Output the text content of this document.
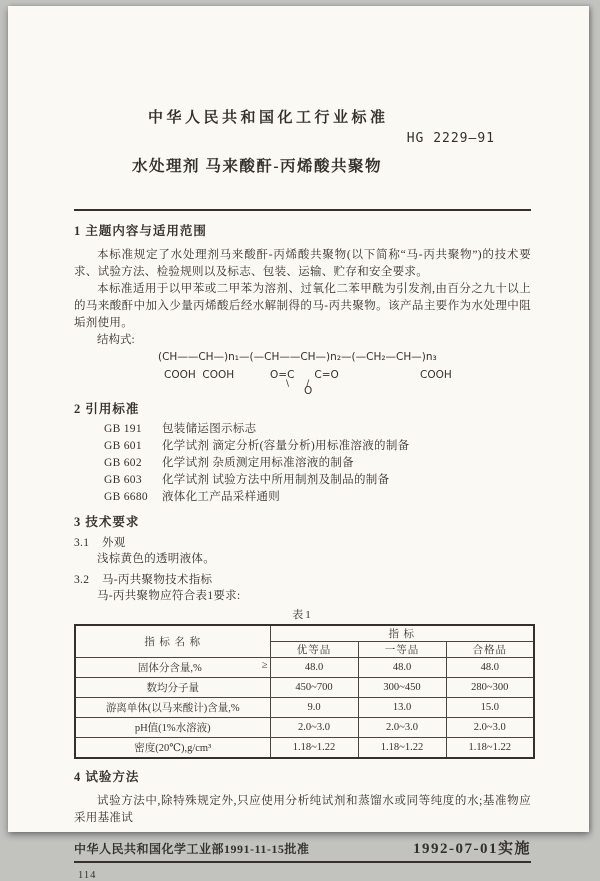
中华人民共和国化工行业标准
HG 2229—91
水处理剂 马来酸酐-丙烯酸共聚物
1 主题内容与适用范围
本标准规定了水处理剂马来酸酐-丙烯酸共聚物(以下简称“马-丙共聚物”)的技术要求、试验方法、检验规则以及标志、包装、运输、贮存和安全要求。
本标准适用于以甲苯或二甲苯为溶剂、过氧化二苯甲酰为引发剂,由百分之九十以上的马来酸酐中加入少量丙烯酸后经水解制得的马-丙共聚物。该产品主要作为水处理中阻垢剂使用。
结构式:
(CH——CH—)n₁—(—CH——CH—)n₂—(—CH₂—CH—)n₃
COOH  COOH	O=C      C=O
\      /
O
COOH
2 引用标准
GB 191 包装储运图示标志
GB 601 化学试剂 滴定分析(容量分析)用标准溶液的制备
GB 602 化学试剂 杂质测定用标准溶液的制备
GB 603 化学试剂 试验方法中所用制剂及制品的制备
GB 6680 液体化工产品采样通则
3 技术要求
3.1 外观
浅棕黄色的透明液体。
3.2 马-丙共聚物技术指标
马-丙共聚物应符合表1要求:
表1
指 标 名 称	指 标		
	优等品	一等品	合格品
固体分含量,% ≥	48.0	48.0	48.0
数均分子量	450~700	300~450	280~300
游离单体(以马来酸计)含量,%	9.0	13.0	15.0
pH值(1%水溶液)	2.0~3.0	2.0~3.0	2.0~3.0
密度(20℃),g/cm³	1.18~1.22	1.18~1.22	1.18~1.22
4 试验方法
试验方法中,除特殊规定外,只应使用分析纯试剂和蒸馏水或同等纯度的水;基准物应采用基准试
中华人民共和国化学工业部1991-11-15批准	1992-07-01实施
114
